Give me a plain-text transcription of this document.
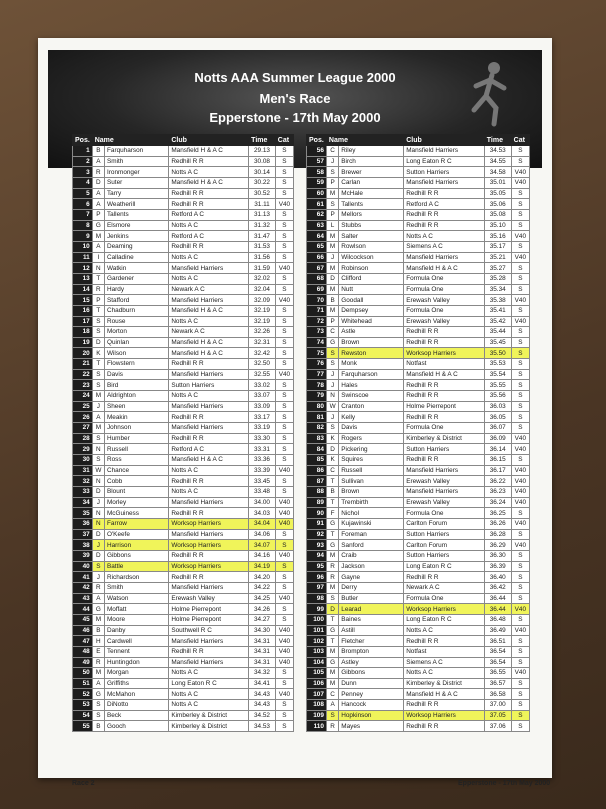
Notts AAA Summer League 2000
Men's Race
Epperstone - 17th May 2000
Pos.	Name		Club	Time	Cat
1	B	Farquharson	Mansfield H & A C	29.13	S
2	A	Smith	Redhill R R	30.08	S
3	R	Ironmonger	Notts A C	30.14	S
4	D	Suter	Mansfield H & A C	30.22	S
5	A	Tarry	Redhill R R	30.52	S
6	A	Weatherill	Redhill R R	31.11	V40
7	P	Tallents	Retford A C	31.13	S
8	G	Elsmore	Notts A C	31.32	S
9	M	Jenkins	Retford A C	31.47	S
10	A	Deaming	Redhill R R	31.53	S
11	I	Calladine	Notts A C	31.56	S
12	N	Watkin	Mansfield Harriers	31.59	V40
13	T	Gardener	Notts A C	32.02	S
14	R	Hardy	Newark A C	32.04	S
15	P	Stafford	Mansfield Harriers	32.09	V40
16	T	Chadburn	Mansfield H & A C	32.19	S
17	S	Rouse	Notts A C	32.19	S
18	S	Morton	Newark A C	32.26	S
19	D	Quinlan	Mansfield H & A C	32.31	S
20	K	Wilson	Mansfield H & A C	32.42	S
21	T	Flowstern	Redhill R R	32.50	S
22	S	Davis	Mansfield Harriers	32.55	V40
23	S	Bird	Sutton Harriers	33.02	S
24	M	Aldrighton	Notts A C	33.07	S
25	J	Sheen	Mansfield Harriers	33.09	S
26	A	Meakin	Redhill R R	33.17	S
27	M	Johnson	Mansfield Harriers	33.19	S
28	S	Humber	Redhill R R	33.30	S
29	N	Russell	Retford A C	33.31	S
30	S	Ross	Mansfield H & A C	33.36	S
31	W	Chance	Notts A C	33.39	V40
32	N	Cobb	Redhill R R	33.45	S
33	D	Blount	Notts A C	33.48	S
34	J	Morley	Mansfield Harriers	34.00	V40
35	N	McGuiness	Redhill R R	34.03	V40
36	N	Farrow	Worksop Harriers	34.04	V40
37	D	O'Keefe	Mansfield Harriers	34.06	S
38	J	Harrison	Worksop Harriers	34.07	S
39	D	Gibbons	Redhill R R	34.16	V40
40	S	Battle	Worksop Harriers	34.19	S
41	J	Richardson	Redhill R R	34.20	S
42	R	Smith	Mansfield Harriers	34.22	S
43	A	Watson	Erewash Valley	34.25	V40
44	G	Moffatt	Holme Pierrepont	34.26	S
45	M	Moore	Holme Pierrepont	34.27	S
46	B	Danby	Southwell R C	34.30	V40
47	H	Cardwell	Mansfield Harriers	34.31	V40
48	E	Tennent	Redhill R R	34.31	V40
49	R	Huntingdon	Mansfield Harriers	34.31	V40
50	M	Morgan	Notts A C	34.32	S
51	A	Griffiths	Long Eaton R C	34.41	S
52	G	McMahon	Notts A C	34.43	V40
53	S	DiNotto	Notts A C	34.43	S
54	S	Beck	Kimberley & District	34.52	S
55	B	Gooch	Kimberley & District	34.53	S
Pos.	Name		Club	Time	Cat
56	C	Riley	Mansfield Harriers	34.53	S
57	J	Birch	Long Eaton R C	34.55	S
58	S	Brewer	Sutton Harriers	34.58	V40
59	P	Carlan	Mansfield Harriers	35.01	V40
60	M	McHale	Redhill R R	35.05	S
61	S	Tallents	Retford A C	35.06	S
62	P	Mellors	Redhill R R	35.08	S
63	L	Stubbs	Redhill R R	35.10	S
64	M	Salter	Notts A C	35.16	V40
65	M	Rowlson	Siemens A C	35.17	S
66	J	Wilcockson	Mansfield Harriers	35.21	V40
67	M	Robinson	Mansfield H & A C	35.27	S
68	D	Clifford	Formula One	35.28	S
69	M	Nutt	Formula One	35.34	S
70	B	Goodall	Erewash Valley	35.38	V40
71	M	Dempsey	Formula One	35.41	S
72	P	Whitehead	Erewash Valley	35.42	V40
73	C	Astle	Redhill R R	35.44	S
74	G	Brown	Redhill R R	35.45	S
75	S	Rewston	Worksop Harriers	35.50	S
76	S	Monk	Notfast	35.53	S
77	J	Farquharson	Mansfield H & A C	35.54	S
78	J	Hales	Redhill R R	35.55	S
79	N	Swinscoe	Redhill R R	35.56	S
80	W	Cranton	Holme Pierrepont	36.03	S
81	J	Kelly	Redhill R R	36.05	S
82	S	Davis	Formula One	36.07	S
83	K	Rogers	Kimberley & District	36.09	V40
84	D	Pickering	Sutton Harriers	36.14	V40
85	K	Squires	Redhill R R	36.15	S
86	C	Russell	Mansfield Harriers	36.17	V40
87	T	Sullivan	Erewash Valley	36.22	V40
88	B	Brown	Mansfield Harriers	36.23	V40
89	T	Trembirth	Erewash Valley	36.24	V40
90	F	Nichol	Formula One	36.25	S
91	G	Kujawinski	Carlton Forum	36.26	V40
92	T	Foreman	Sutton Harriers	36.28	S
93	G	Sanford	Carlton Forum	36.29	V40
94	M	Craib	Sutton Harriers	36.30	S
95	R	Jackson	Long Eaton R C	36.39	S
96	R	Gayne	Redhill R R	36.40	S
97	M	Derry	Newark A C	36.42	S
98	S	Butler	Formula One	36.44	S
99	D	Learad	Worksop Harriers	36.44	V40
100	T	Baines	Long Eaton R C	36.48	S
101	G	Astill	Notts A C	36.49	V40
102	T	Fletcher	Redhill R R	36.51	S
103	M	Brompton	Notfast	36.54	S
104	G	Astley	Siemens A C	36.54	S
105	M	Gibbons	Notts A C	36.55	V40
106	M	Dunn	Kimberley & District	36.57	S
107	C	Penney	Mansfield H & A C	36.58	S
108	A	Hancock	Redhill R R	37.00	S
109	S	Hopkinson	Worksop Harriers	37.05	S
110	R	Mayes	Redhill R R	37.06	S
Race 2	Epperstone - 17th May 2000
